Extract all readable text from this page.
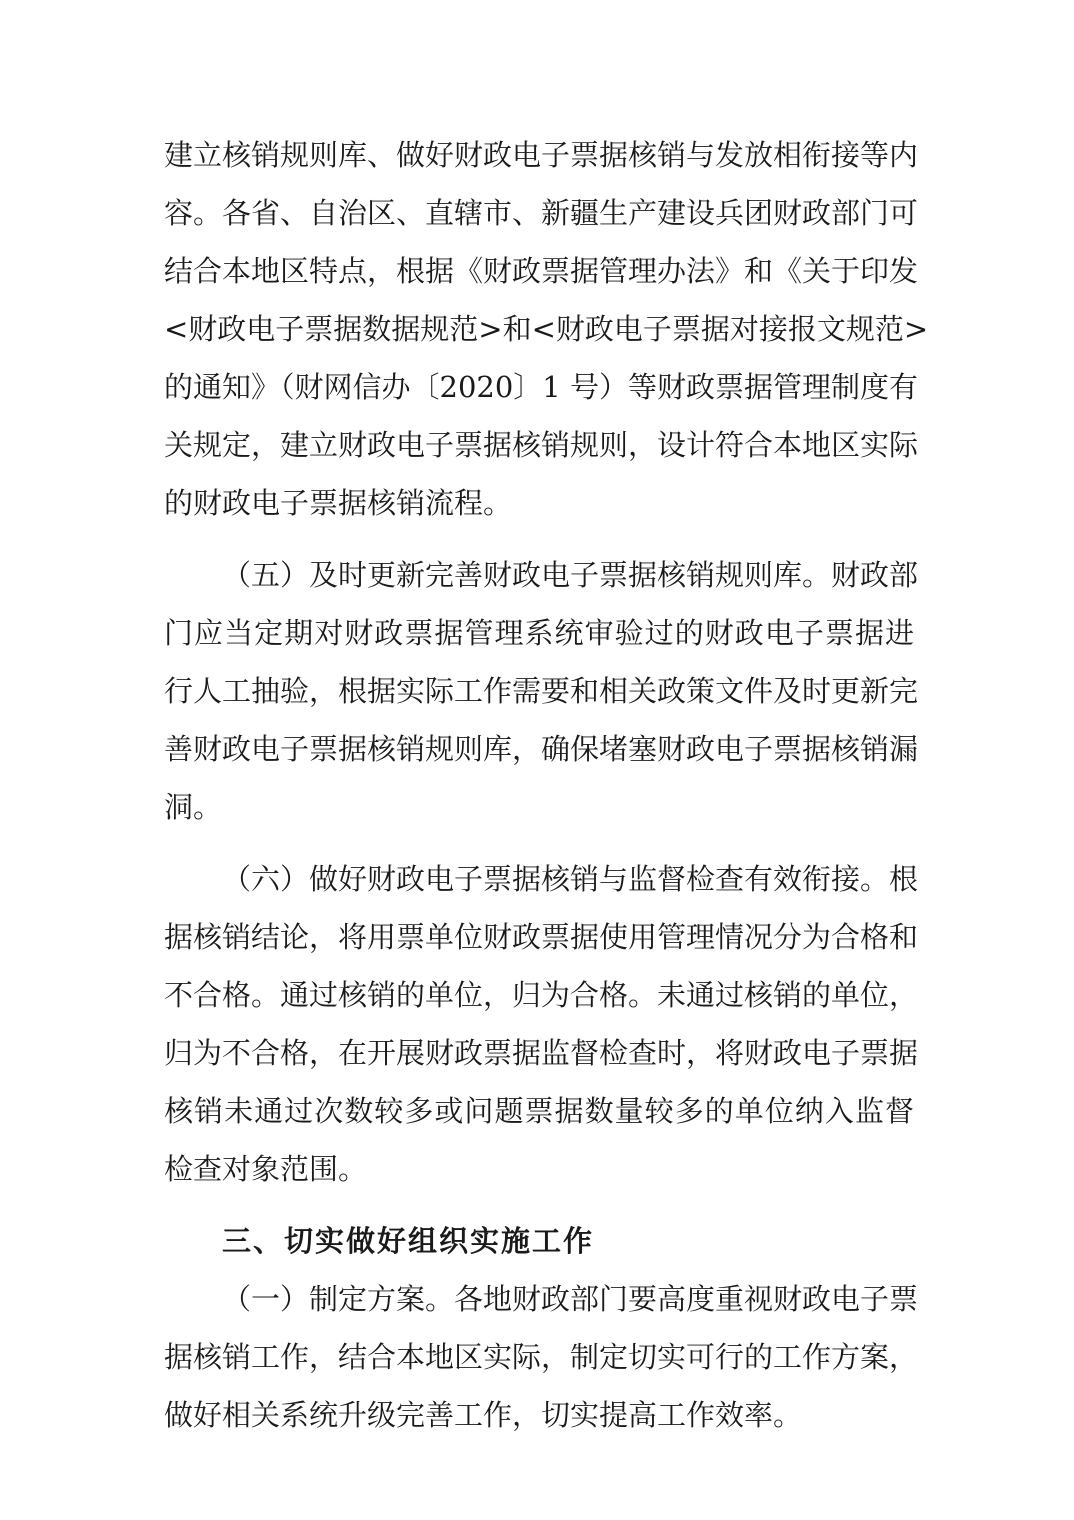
建立核销规则库、做好财政电子票据核销与发放相衔接等内
容。各省、自治区、直辖市、新疆生产建设兵团财政部门可
结合本地区特点，根据《财政票据管理办法》和《关于印发
<财政电子票据数据规范>和<财政电子票据对接报文规范>
的通知》（财网信办〔2020〕1 号）等财政票据管理制度有
关规定，建立财政电子票据核销规则，设计符合本地区实际
的财政电子票据核销流程。
（五）及时更新完善财政电子票据核销规则库。财政部
门应当定期对财政票据管理系统审验过的财政电子票据进
行人工抽验，根据实际工作需要和相关政策文件及时更新完
善财政电子票据核销规则库，确保堵塞财政电子票据核销漏
洞。
（六）做好财政电子票据核销与监督检查有效衔接。根
据核销结论，将用票单位财政票据使用管理情况分为合格和
不合格。通过核销的单位，归为合格。未通过核销的单位，
归为不合格，在开展财政票据监督检查时，将财政电子票据
核销未通过次数较多或问题票据数量较多的单位纳入监督
检查对象范围。
三、切实做好组织实施工作
（一）制定方案。各地财政部门要高度重视财政电子票
据核销工作，结合本地区实际，制定切实可行的工作方案，
做好相关系统升级完善工作，切实提高工作效率。
